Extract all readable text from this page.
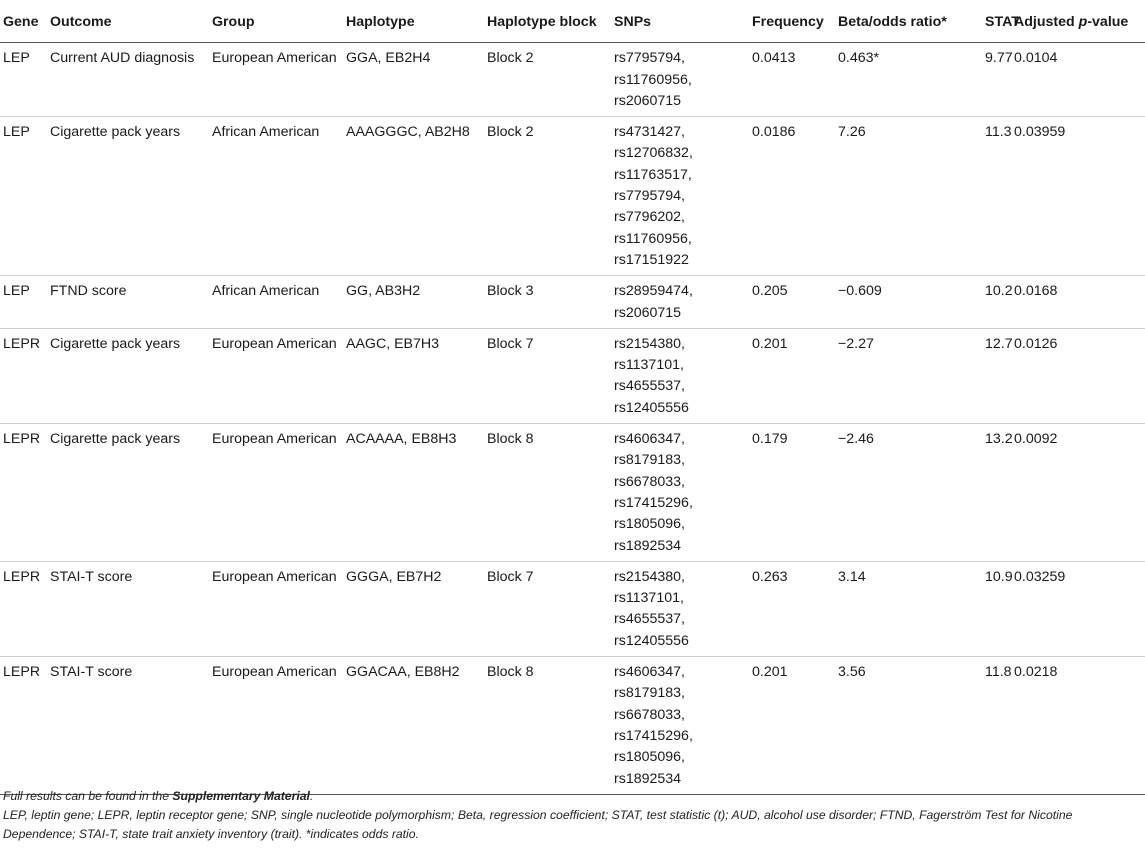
Gene	Outcome	Group	Haplotype	Haplotype block	SNPs	Frequency	Beta/odds ratio*	STAT	Adjusted p-value
LEP	Current AUD diagnosis	European American	GGA, EB2H4	Block 2	rs7795794, rs11760956, rs2060715	0.0413	0.463*	9.77	0.0104
LEP	Cigarette pack years	African American	AAAGGGC, AB2H8	Block 2	rs4731427, rs12706832, rs11763517, rs7795794, rs7796202, rs11760956, rs17151922	0.0186	7.26	11.3	0.03959
LEP	FTND score	African American	GG, AB3H2	Block 3	rs28959474, rs2060715	0.205	−0.609	10.2	0.0168
LEPR	Cigarette pack years	European American	AAGC, EB7H3	Block 7	rs2154380, rs1137101, rs4655537, rs12405556	0.201	−2.27	12.7	0.0126
LEPR	Cigarette pack years	European American	ACAAAA, EB8H3	Block 8	rs4606347, rs8179183, rs6678033, rs17415296, rs1805096, rs1892534	0.179	−2.46	13.2	0.0092
LEPR	STAI-T score	European American	GGGA, EB7H2	Block 7	rs2154380, rs1137101, rs4655537, rs12405556	0.263	3.14	10.9	0.03259
LEPR	STAI-T score	European American	GGACAA, EB8H2	Block 8	rs4606347, rs8179183, rs6678033, rs17415296, rs1805096, rs1892534	0.201	3.56	11.8	0.0218

Full results can be found in the Supplementary Material.

LEP, leptin gene; LEPR, leptin receptor gene; SNP, single nucleotide polymorphism; Beta, regression coefficient; STAT, test statistic (t); AUD, alcohol use disorder; FTND, Fagerström Test for Nicotine Dependence; STAI-T, state trait anxiety inventory (trait). *indicates odds ratio.
